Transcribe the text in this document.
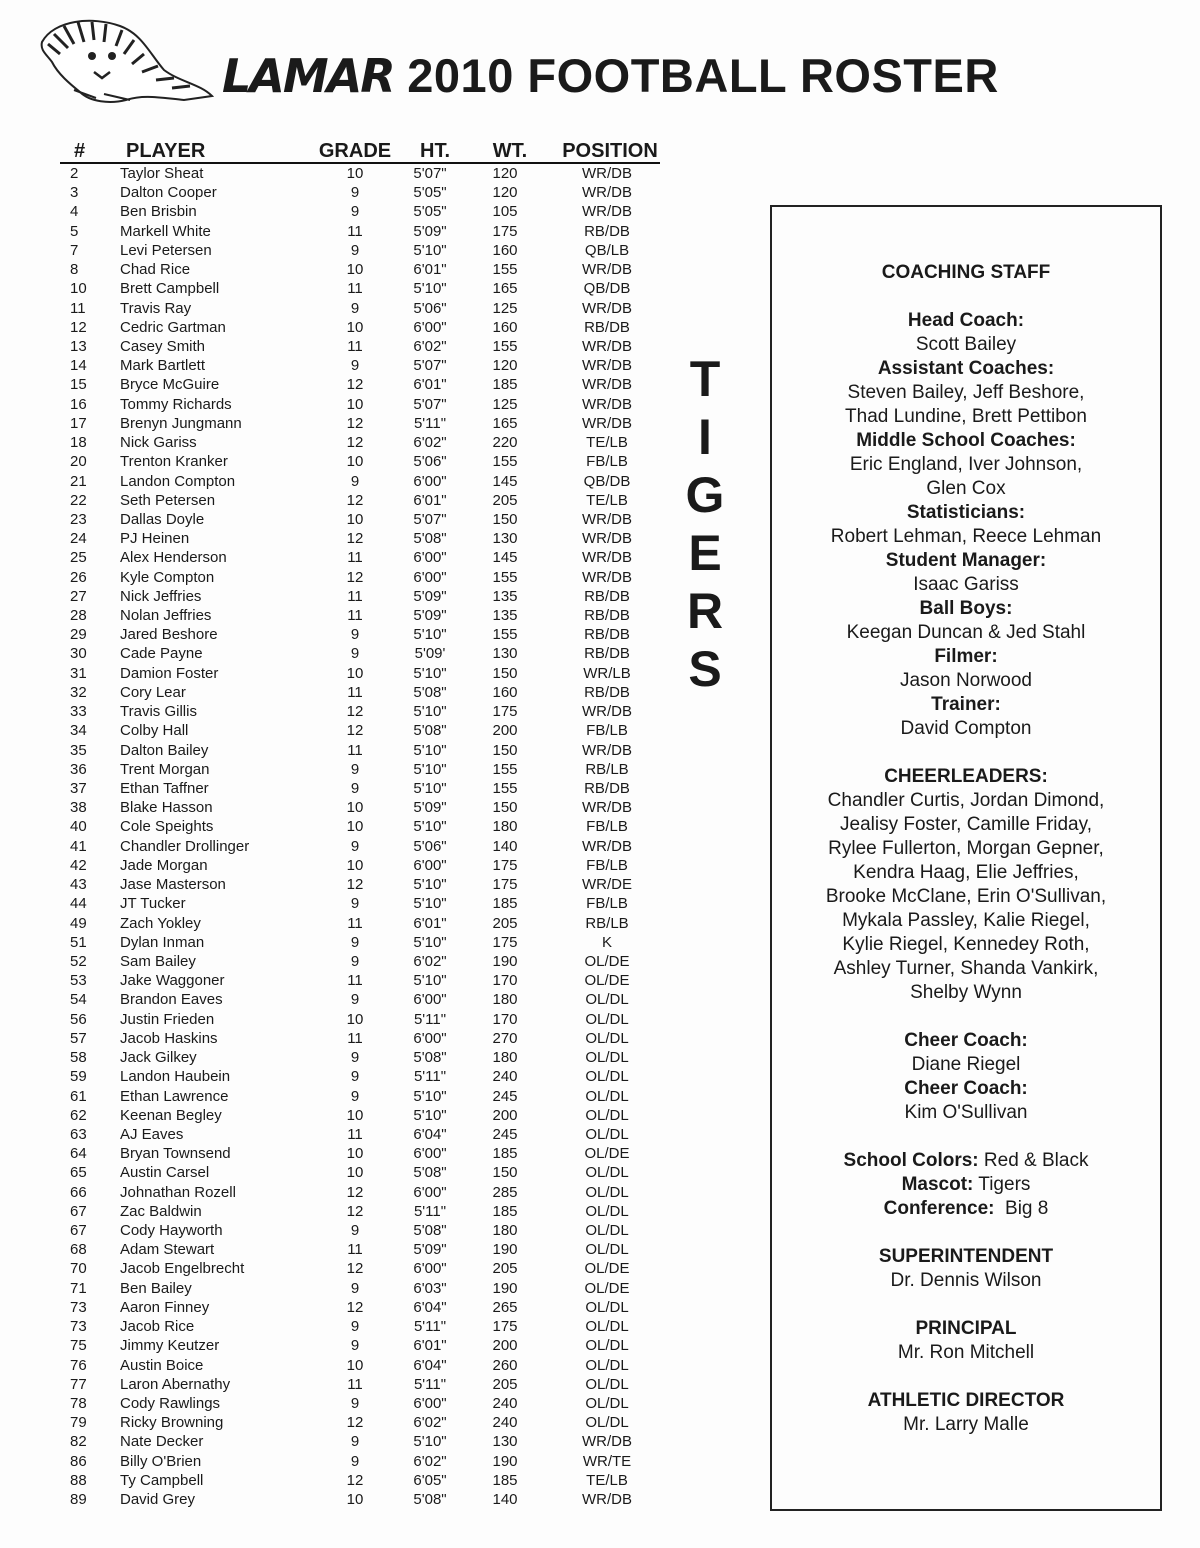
LAMAR 2010 FOOTBALL ROSTER
#	PLAYER	GRADE	HT.	WT.	POSITION
2	Taylor Sheat	10	5'07"	120	WR/DB
3	Dalton Cooper	9	5'05"	120	WR/DB
4	Ben Brisbin	9	5'05"	105	WR/DB
5	Markell White	11	5'09"	175	RB/DB
7	Levi Petersen	9	5'10"	160	QB/LB
8	Chad Rice	10	6'01"	155	WR/DB
10	Brett Campbell	11	5'10"	165	QB/DB
11	Travis Ray	9	5'06"	125	WR/DB
12	Cedric Gartman	10	6'00"	160	RB/DB
13	Casey Smith	11	6'02"	155	WR/DB
14	Mark Bartlett	9	5'07"	120	WR/DB
15	Bryce McGuire	12	6'01"	185	WR/DB
16	Tommy Richards	10	5'07"	125	WR/DB
17	Brenyn Jungmann	12	5'11"	165	WR/DB
18	Nick Gariss	12	6'02"	220	TE/LB
20	Trenton Kranker	10	5'06"	155	FB/LB
21	Landon Compton	9	6'00"	145	QB/DB
22	Seth Petersen	12	6'01"	205	TE/LB
23	Dallas Doyle	10	5'07"	150	WR/DB
24	PJ Heinen	12	5'08"	130	WR/DB
25	Alex Henderson	11	6'00"	145	WR/DB
26	Kyle Compton	12	6'00"	155	WR/DB
27	Nick Jeffries	11	5'09"	135	RB/DB
28	Nolan Jeffries	11	5'09"	135	RB/DB
29	Jared Beshore	9	5'10"	155	RB/DB
30	Cade Payne	9	5'09'	130	RB/DB
31	Damion Foster	10	5'10"	150	WR/LB
32	Cory Lear	11	5'08"	160	RB/DB
33	Travis Gillis	12	5'10"	175	WR/DB
34	Colby Hall	12	5'08"	200	FB/LB
35	Dalton Bailey	11	5'10"	150	WR/DB
36	Trent Morgan	9	5'10"	155	RB/LB
37	Ethan Taffner	9	5'10"	155	RB/DB
38	Blake Hasson	10	5'09"	150	WR/DB
40	Cole Speights	10	5'10"	180	FB/LB
41	Chandler Drollinger	9	5'06"	140	WR/DB
42	Jade Morgan	10	6'00"	175	FB/LB
43	Jase Masterson	12	5'10"	175	WR/DE
44	JT Tucker	9	5'10"	185	FB/LB
49	Zach Yokley	11	6'01"	205	RB/LB
51	Dylan Inman	9	5'10"	175	K
52	Sam Bailey	9	6'02"	190	OL/DE
53	Jake Waggoner	11	5'10"	170	OL/DE
54	Brandon Eaves	9	6'00"	180	OL/DL
56	Justin Frieden	10	5'11"	170	OL/DL
57	Jacob Haskins	11	6'00"	270	OL/DL
58	Jack Gilkey	9	5'08"	180	OL/DL
59	Landon Haubein	9	5'11"	240	OL/DL
61	Ethan Lawrence	9	5'10"	245	OL/DL
62	Keenan Begley	10	5'10"	200	OL/DL
63	AJ Eaves	11	6'04"	245	OL/DL
64	Bryan Townsend	10	6'00"	185	OL/DE
65	Austin Carsel	10	5'08"	150	OL/DL
66	Johnathan Rozell	12	6'00"	285	OL/DL
67	Zac Baldwin	12	5'11"	185	OL/DL
67	Cody Hayworth	9	5'08"	180	OL/DL
68	Adam Stewart	11	5'09"	190	OL/DL
70	Jacob Engelbrecht	12	6'00"	205	OL/DE
71	Ben Bailey	9	6'03"	190	OL/DE
73	Aaron Finney	12	6'04"	265	OL/DL
73	Jacob Rice	9	5'11"	175	OL/DL
75	Jimmy Keutzer	9	6'01"	200	OL/DL
76	Austin Boice	10	6'04"	260	OL/DL
77	Laron Abernathy	11	5'11"	205	OL/DL
78	Cody Rawlings	9	6'00"	240	OL/DL
79	Ricky Browning	12	6'02"	240	OL/DL
82	Nate Decker	9	5'10"	130	WR/DB
86	Billy O'Brien	9	6'02"	190	WR/TE
88	Ty Campbell	12	6'05"	185	TE/LB
89	David Grey	10	5'08"	140	WR/DB
T
I
G
E
R
S
COACHING STAFF
Head Coach:
Scott Bailey
Assistant Coaches:
Steven Bailey, Jeff Beshore,
Thad Lundine, Brett Pettibon
Middle School Coaches:
Eric England, Iver Johnson,
Glen Cox
Statisticians:
Robert Lehman, Reece Lehman
Student Manager:
Isaac Gariss
Ball Boys:
Keegan Duncan & Jed Stahl
Filmer:
Jason Norwood
Trainer:
David Compton
CHEERLEADERS:
Chandler Curtis, Jordan Dimond,
Jealisy Foster, Camille Friday,
Rylee Fullerton, Morgan Gepner,
Kendra Haag, Elie Jeffries,
Brooke McClane, Erin O'Sullivan,
Mykala Passley, Kalie Riegel,
Kylie Riegel, Kennedey Roth,
Ashley Turner, Shanda Vankirk,
Shelby Wynn
Cheer Coach:
Diane Riegel
Cheer Coach:
Kim O'Sullivan
School Colors: Red & Black
Mascot: Tigers
Conference:  Big 8
SUPERINTENDENT
Dr. Dennis Wilson
PRINCIPAL
Mr. Ron Mitchell
ATHLETIC DIRECTOR
Mr. Larry Malle
